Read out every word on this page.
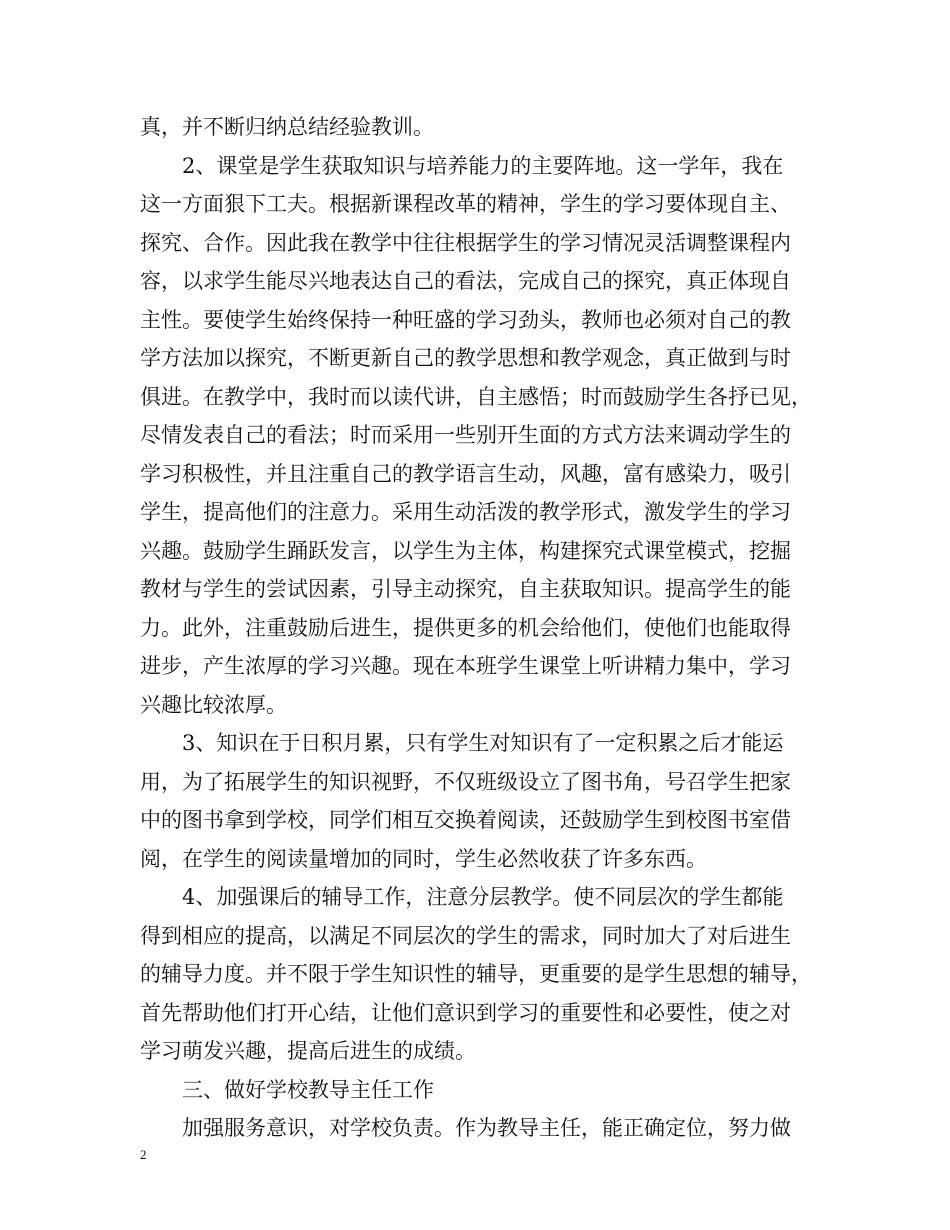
真，并不断归纳总结经验教训。
2、课堂是学生获取知识与培养能力的主要阵地。这一学年，我在
这一方面狠下工夫。根据新课程改革的精神，学生的学习要体现自主、
探究、合作。因此我在教学中往往根据学生的学习情况灵活调整课程内
容，以求学生能尽兴地表达自己的看法，完成自己的探究，真正体现自
主性。要使学生始终保持一种旺盛的学习劲头，教师也必须对自己的教
学方法加以探究，不断更新自己的教学思想和教学观念，真正做到与时
俱进。在教学中，我时而以读代讲，自主感悟；时而鼓励学生各抒已见，
尽情发表自己的看法；时而采用一些别开生面的方式方法来调动学生的
学习积极性，并且注重自己的教学语言生动，风趣，富有感染力，吸引
学生，提高他们的注意力。采用生动活泼的教学形式，激发学生的学习
兴趣。鼓励学生踊跃发言，以学生为主体，构建探究式课堂模式，挖掘
教材与学生的尝试因素，引导主动探究，自主获取知识。提高学生的能
力。此外，注重鼓励后进生，提供更多的机会给他们，使他们也能取得
进步，产生浓厚的学习兴趣。现在本班学生课堂上听讲精力集中，学习
兴趣比较浓厚。
3、知识在于日积月累，只有学生对知识有了一定积累之后才能运
用，为了拓展学生的知识视野，不仅班级设立了图书角，号召学生把家
中的图书拿到学校，同学们相互交换着阅读，还鼓励学生到校图书室借
阅，在学生的阅读量增加的同时，学生必然收获了许多东西。
4、加强课后的辅导工作，注意分层教学。使不同层次的学生都能
得到相应的提高，以满足不同层次的学生的需求，同时加大了对后进生
的辅导力度。并不限于学生知识性的辅导，更重要的是学生思想的辅导，
首先帮助他们打开心结，让他们意识到学习的重要性和必要性，使之对
学习萌发兴趣，提高后进生的成绩。
三、做好学校教导主任工作
加强服务意识，对学校负责。作为教导主任，能正确定位，努力做
2
